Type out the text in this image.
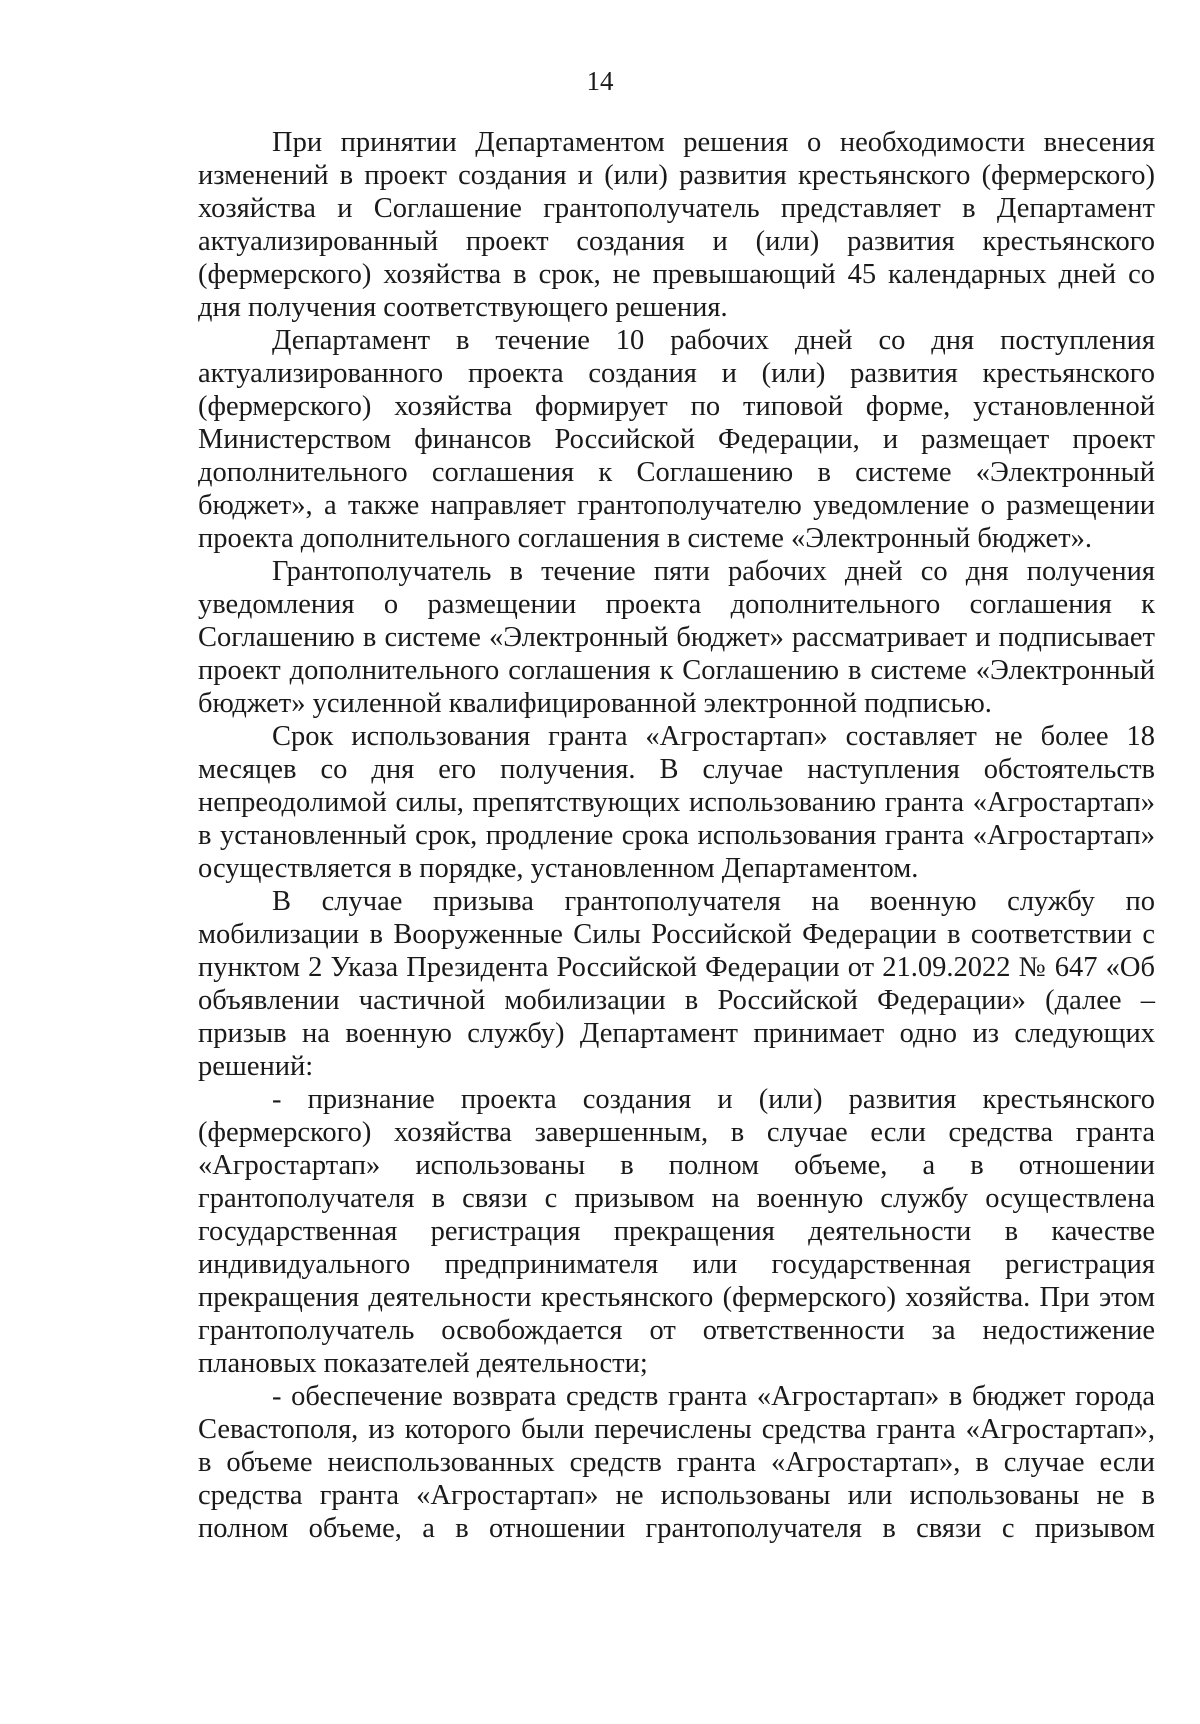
14

При принятии Департаментом решения о необходимости внесения изменений в проект создания и (или) развития крестьянского (фермерского) хозяйства и Соглашение грантополучатель представляет в Департамент актуализированный проект создания и (или) развития крестьянского (фермерского) хозяйства в срок, не превышающий 45 календарных дней со дня получения соответствующего решения.

Департамент в течение 10 рабочих дней со дня поступления актуализированного проекта создания и (или) развития крестьянского (фермерского) хозяйства формирует по типовой форме, установленной Министерством финансов Российской Федерации, и размещает проект дополнительного соглашения к Соглашению в системе «Электронный бюджет», а также направляет грантополучателю уведомление о размещении проекта дополнительного соглашения в системе «Электронный бюджет».

Грантополучатель в течение пяти рабочих дней со дня получения уведомления о размещении проекта дополнительного соглашения к Соглашению в системе «Электронный бюджет» рассматривает и подписывает проект дополнительного соглашения к Соглашению в системе «Электронный бюджет» усиленной квалифицированной электронной подписью.

Срок использования гранта «Агростартап» составляет не более 18 месяцев со дня его получения. В случае наступления обстоятельств непреодолимой силы, препятствующих использованию гранта «Агростартап» в установленный срок, продление срока использования гранта «Агростартап» осуществляется в порядке, установленном Департаментом.

В случае призыва грантополучателя на военную службу по мобилизации в Вооруженные Силы Российской Федерации в соответствии с пунктом 2 Указа Президента Российской Федерации от 21.09.2022 № 647 «Об объявлении частичной мобилизации в Российской Федерации» (далее – призыв на военную службу) Департамент принимает одно из следующих решений:

- признание проекта создания и (или) развития крестьянского (фермерского) хозяйства завершенным, в случае если средства гранта «Агростартап» использованы в полном объеме, а в отношении грантополучателя в связи с призывом на военную службу осуществлена государственная регистрация прекращения деятельности в качестве индивидуального предпринимателя или государственная регистрация прекращения деятельности крестьянского (фермерского) хозяйства. При этом грантополучатель освобождается от ответственности за недостижение плановых показателей деятельности;

- обеспечение возврата средств гранта «Агростартап» в бюджет города Севастополя, из которого были перечислены средства гранта «Агростартап», в объеме неиспользованных средств гранта «Агростартап», в случае если средства гранта «Агростартап» не использованы или использованы не в полном объеме, а в отношении грантополучателя в связи с призывом
